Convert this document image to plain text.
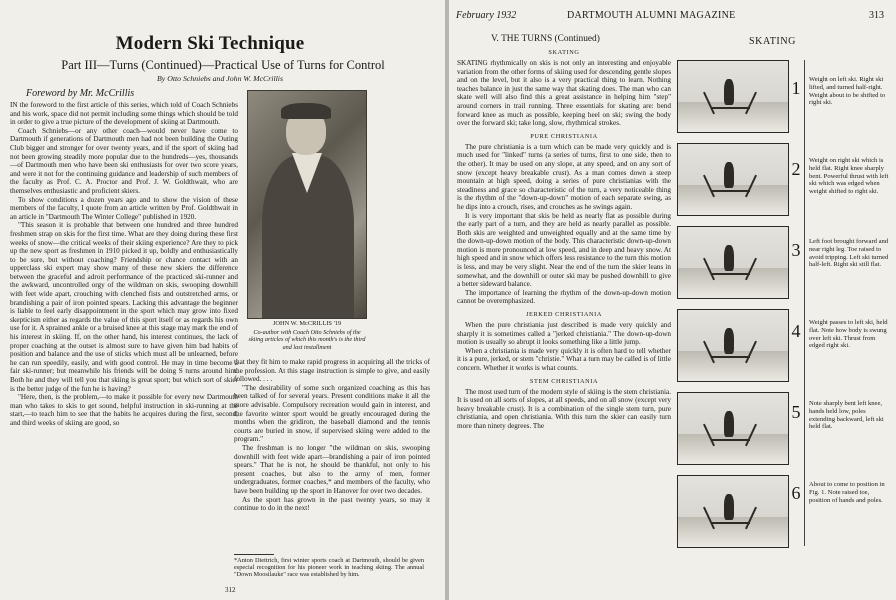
Modern Ski Technique
Part III—Turns (Continued)—Practical Use of Turns for Control
By Otto Schniebs and John W. McCrillis
Foreword by Mr. McCrillis

IN the foreword to the first article of this series, which told of Coach Schniebs and his work, space did not permit including some things which should be told in order to give a true picture of the development of skiing at Dartmouth.

Coach Schniebs—or any other coach—would never have come to Dartmouth if generations of Dartmouth men had not been building the Outing Club bigger and stronger for over twenty years, and if the sport of skiing had not been growing steadily more popular due to the hundreds—yes, thousands—of Dartmouth men who have been ski enthusiasts for over two score years, and were it not for the continuing guidance and leadership of such members of the faculty as Prof. C. A. Proctor and Prof. J. W. Goldthwait, who are themselves enthusiastic and proficient skiers.

To show conditions a dozen years ago and to show the vision of these members of the faculty, I quote from an article written by Prof. Goldthwait in an article in "Dartmouth The Winter College" published in 1920.

"This season it is probable that between one hundred and three hundred freshmen strap on skis for the first time. What are they doing during these first weeks of snow—the critical weeks of their skiing experience? Are they to pick up the new sport as freshmen in 1910 picked it up, boldly and enthusiastically to be sure, but without coaching? Friendship or chance contact with an upperclass ski expert may show many of these new skiers the difference between the graceful and adroit performance of the practiced ski-runner and the awkward, uncontrolled orgy of the wildman on skis, swooping downhill with feet wide apart, crouching with clenched fists and outstretched arms, or brandishing a pair of iron pointed spears. Lacking this advantage the beginner is liable to feel early disappointment in the sport which may grow into fixed skepticism either as regards the value of this sport itself or as regards his own use for it. A sprained ankle or a bruised knee at this stage may mark the end of his interest in skiing. If, on the other hand, his interest continues, the lack of proper coaching at the outset is almost sure to have given him bad habits of position and balance and the use of sticks which must all be unlearned, before he can run speedily, easily, and with good control. He may in time become a fair ski-runner; but meanwhile his friends will be doing S turns around him. Both he and they will tell you that skiing is great sport; but which sort of skier is the better judge of the fun he is having?

"Here, then, is the problem,—to make it possible for every new Dartmouth man who takes to skis to get sound, helpful instruction in ski-running at the start,—to teach him to see that the habits he acquires during the first, second, and third weeks of skiing are good, so

JOHN W. McCRILLIS '19
Co-author with Coach Otto Schniebs of the skiing articles of which this month's is the third and last installment

that they fit him to make rapid progress in acquiring all the tricks of the profession. At this stage instruction is simple to give, and easily followed. . . .

"The desirability of some such organized coaching as this has been talked of for several years. Present conditions make it all the more advisable. Compulsory recreation would gain in interest, and the favorite winter sport would be greatly encouraged during the months when the gridiron, the baseball diamond and the tennis courts are buried in snow, if supervised skiing were added to the program."

The freshman is no longer "the wildman on skis, swooping downhill with feet wide apart—brandishing a pair of iron pointed spears." That he is not, he should be thankful, not only to his present coaches, but also to the army of men, former undergraduates, former coaches,* and members of the faculty, who have been building up the sport in Hanover for over two decades.

As the sport has grown in the past twenty years, so may it continue to do in the next!

*Anton Diettrich, first winter sports coach at Dartmouth, should be given especial recognition for his pioneer work in teaching skiing. The annual "Down Moosilauke" race was established by him.
312
February 1932	DARTMOUTH ALUMNI MAGAZINE	313
V. THE TURNS (Continued)	SKATING
SKATING

SKATING rhythmically on skis is not only an interesting and enjoyable variation from the other forms of skiing used for descending gentle slopes and on the level, but it also is a very practical thing to learn. Nothing teaches balance in just the same way that skating does. The man who can skate well will also find this a great assistance in helping him "step" around corners in trail running. Three essentials for skating are: bend forward knee as much as possible, keeping heel on ski; swing the body over the forward ski; take long, slow, rhythmical strokes.

PURE CHRISTIANIA

The pure christiania is a turn which can be made very quickly and is much used for "linked" turns (a series of turns, first to one side, then to the other). It may be used on any slope, at any speed, and on any sort of snow (except heavy breakable crust). As a man comes down a steep mountain at high speed, doing a series of pure christianias with the steadiness and grace so characteristic of the turn, a very noticeable thing is the rhythm of the "down-up-down" motion of each separate swing, as he dips into a crouch, rises, and crouches as he swings again.

It is very important that skis be held as nearly flat as possible during the early part of a turn, and they are held as nearly parallel as possible. Both skis are weighted and unweighted equally and at the same time by the down-up-down motion of the body. This characteristic down-up-down motion is more pronounced at low speed, and in deep and heavy snow. At high speed and in snow which offers less resistance to the turn this motion is less, and may be very slight. Near the end of the turn the skier leans in somewhat, and the downhill or outer ski may be pushed downhill to give a better sideward balance.

The importance of learning the rhythm of the down-up-down motion cannot be overemphasized.

JERKED CHRISTIANIA

When the pure christiania just described is made very quickly and sharply it is sometimes called a "jerked christiania." The down-up-down motion is usually so abrupt it looks something like a little jump.

When a christiania is made very quickly it is often hard to tell whether it is a pure, jerked, or stem "christie." What a turn may be called is of little concern. Whether it works is what counts.

STEM CHRISTIANIA

The most used turn of the modern style of skiing is the stem christiania. It is used on all sorts of slopes, at all speeds, and on all snow (except very heavy breakable crust). It is a combination of the single stem turn, pure christiania, and open christiania. With this turn the skier can easily turn more than ninety degrees. The

1
2
3
4
5
6
Weight on left ski. Right ski lifted, and turned half-right. Weight about to be shifted to right ski.
Weight on right ski which is held flat. Right knee sharply bent. Powerful thrust with left ski which was edged when weight shifted to right ski.
Left foot brought forward and near right leg. Toe raised to avoid tripping. Left ski turned half-left. Right ski still flat.
Weight passes to left ski, held flat. Note how body is swung over left ski. Thrust from edged right ski.
Note sharply bent left knee, hands held low, poles extending backward, left ski held flat.
About to come to position in Fig. 1. Note raised toe, position of hands and poles.
